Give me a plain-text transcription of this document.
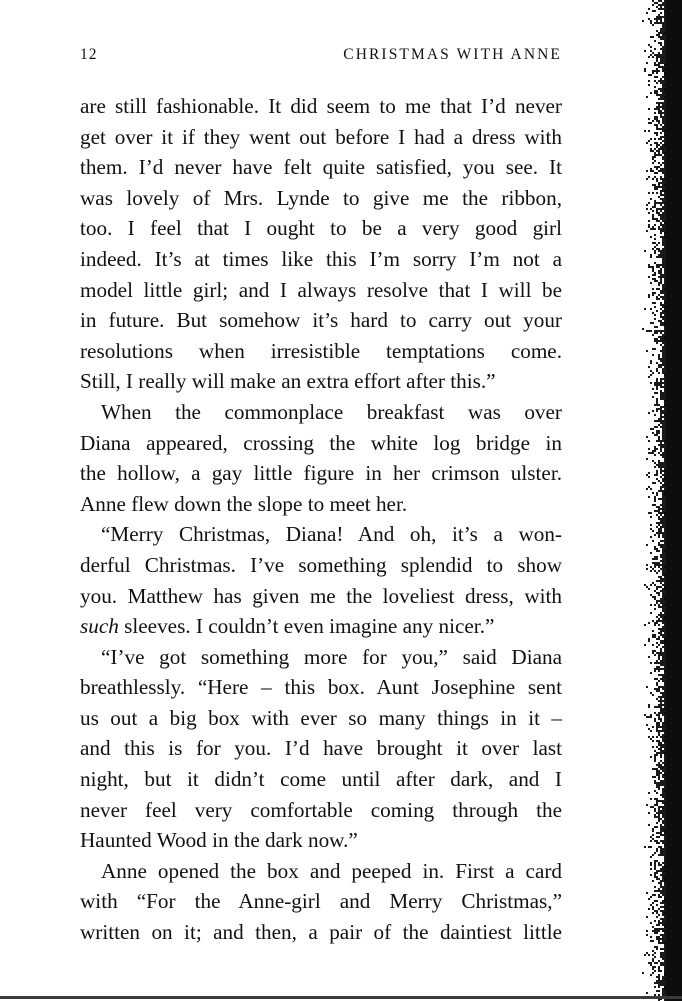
12	CHRISTMAS WITH ANNE
are still fashionable. It did seem to me that I’d never
get over it if they went out before I had a dress with
them. I’d never have felt quite satisfied, you see. It
was lovely of Mrs. Lynde to give me the ribbon,
too. I feel that I ought to be a very good girl
indeed. It’s at times like this I’m sorry I’m not a
model little girl; and I always resolve that I will be
in future. But somehow it’s hard to carry out your
resolutions when irresistible temptations come.
Still, I really will make an extra effort after this.”
When the commonplace breakfast was over
Diana appeared, crossing the white log bridge in
the hollow, a gay little figure in her crimson ulster.
Anne flew down the slope to meet her.
“Merry Christmas, Diana! And oh, it’s a won-
derful Christmas. I’ve something splendid to show
you. Matthew has given me the loveliest dress, with
such sleeves. I couldn’t even imagine any nicer.”
“I’ve got something more for you,” said Diana
breathlessly. “Here – this box. Aunt Josephine sent
us out a big box with ever so many things in it –
and this is for you. I’d have brought it over last
night, but it didn’t come until after dark, and I
never feel very comfortable coming through the
Haunted Wood in the dark now.”
Anne opened the box and peeped in. First a card
with “For the Anne-girl and Merry Christmas,”
written on it; and then, a pair of the daintiest little
